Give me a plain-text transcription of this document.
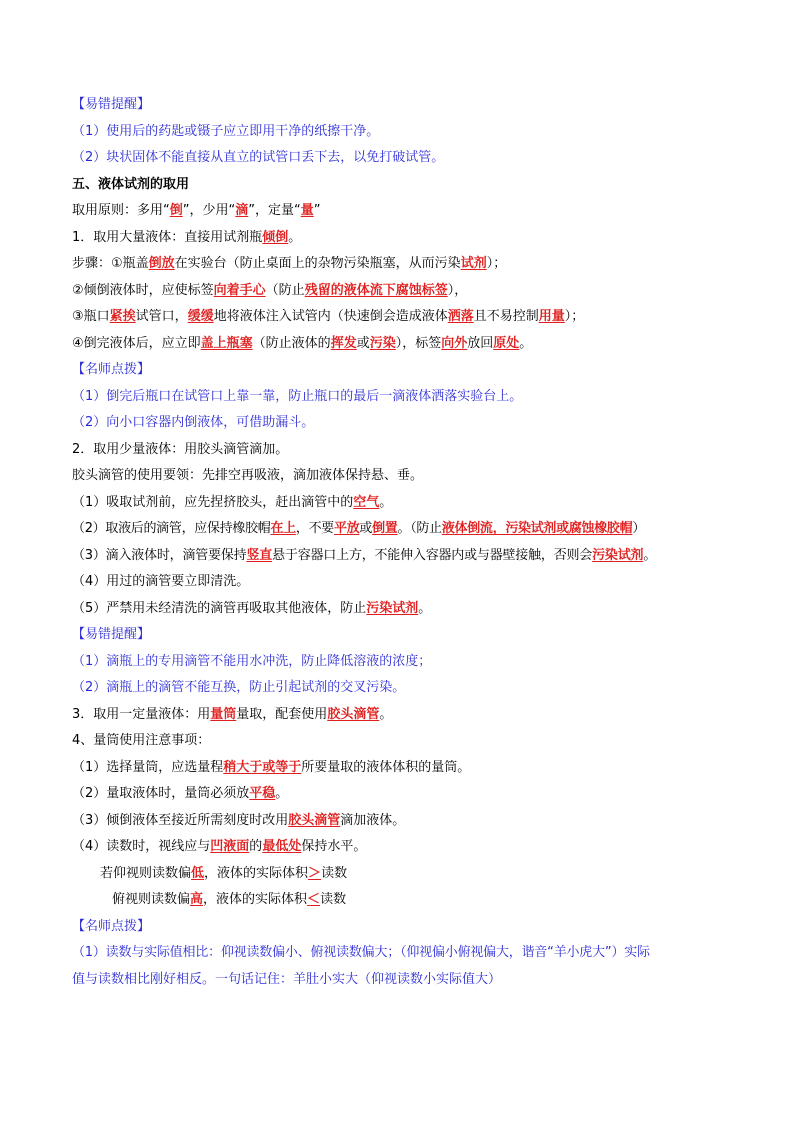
【易错提醒】
（1）使用后的药匙或镊子应立即用干净的纸擦干净。
（2）块状固体不能直接从直立的试管口丢下去，以免打破试管。
五、液体试剂的取用
取用原则：多用“倒”，少用“滴”，定量“量”
1．取用大量液体：直接用试剂瓶倾倒。
步骤：①瓶盖倒放在实验台（防止桌面上的杂物污染瓶塞，从而污染试剂）；
②倾倒液体时，应使标签向着手心（防止残留的液体流下腐蚀标签），
③瓶口紧挨试管口，缓缓地将液体注入试管内（快速倒会造成液体洒落且不易控制用量）；
④倒完液体后，应立即盖上瓶塞（防止液体的挥发或污染），标签向外放回原处。
【名师点拨】
（1）倒完后瓶口在试管口上靠一靠，防止瓶口的最后一滴液体洒落实验台上。
（2）向小口容器内倒液体，可借助漏斗。
2．取用少量液体：用胶头滴管滴加。
胶头滴管的使用要领：先排空再吸液，滴加液体保持悬、垂。
（1）吸取试剂前，应先捏挤胶头，赶出滴管中的空气。
（2）取液后的滴管，应保持橡胶帽在上，不要平放或倒置。（防止液体倒流，污染试剂或腐蚀橡胶帽）
（3）滴入液体时，滴管要保持竖直悬于容器口上方，不能伸入容器内或与器壁接触，否则会污染试剂。
（4）用过的滴管要立即清洗。
（5）严禁用未经清洗的滴管再吸取其他液体，防止污染试剂。
【易错提醒】
（1）滴瓶上的专用滴管不能用水冲洗，防止降低溶液的浓度；
（2）滴瓶上的滴管不能互换，防止引起试剂的交叉污染。
3．取用一定量液体：用量筒量取，配套使用胶头滴管。
4、量筒使用注意事项：
（1）选择量筒，应选量程稍大于或等于所要量取的液体体积的量筒。
（2）量取液体时，量筒必须放平稳。
（3）倾倒液体至接近所需刻度时改用胶头滴管滴加液体。
（4）读数时，视线应与凹液面的最低处保持水平。
若仰视则读数偏低，液体的实际体积＞读数
俯视则读数偏高，液体的实际体积＜读数
【名师点拨】
（1）读数与实际值相比：仰视读数偏小、俯视读数偏大；（仰视偏小俯视偏大，谐音“羊小虎大”）实际
值与读数相比刚好相反。一句话记住：羊肚小实大（仰视读数小实际值大）
